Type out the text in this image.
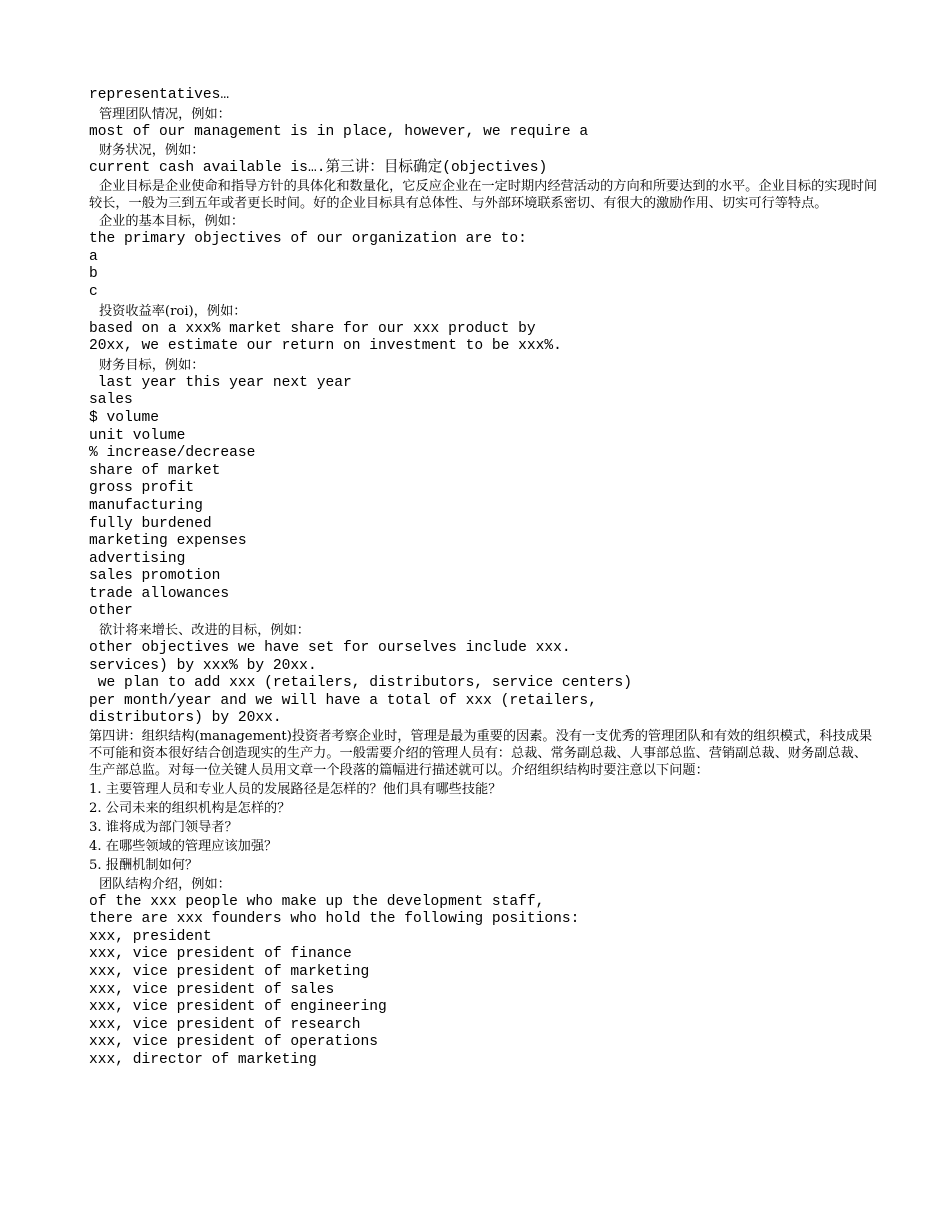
representatives…

管理团队情况，例如：

most of our management is in place, however, we require a

财务状况，例如：

current cash available is….第三讲：目标确定(objectives)

企业目标是企业使命和指导方针的具体化和数量化，它反应企业在一定时期内经营活动的方向和所要达到的水平。企业目标的实现时间较长，一般为三到五年或者更长时间。好的企业目标具有总体性、与外部环境联系密切、有很大的激励作用、切实可行等特点。

企业的基本目标，例如：

the primary objectives of our organization are to:

a

b

c

投资收益率(roi)，例如：

based on a xxx% market share for our xxx product by

20xx, we estimate our return on investment to be xxx%.

财务目标，例如：

last year this year next year

sales

$ volume

unit volume

% increase/decrease

share of market

gross profit

manufacturing

fully burdened

marketing expenses

advertising

sales promotion

trade allowances

other

欲计将来增长、改进的目标，例如：

other objectives we have set for ourselves include xxx.

services) by xxx% by 20xx.

we plan to add xxx (retailers, distributors, service centers)

per month/year and we will have a total of xxx (retailers,

distributors) by 20xx.

第四讲：组织结构(management)投资者考察企业时，管理是最为重要的因素。没有一支优秀的管理团队和有效的组织模式，科技成果不可能和资本很好结合创造现实的生产力。一般需要介绍的管理人员有：总裁、常务副总裁、人事部总监、营销副总裁、财务副总裁、生产部总监。对每一位关键人员用文章一个段落的篇幅进行描述就可以。介绍组织结构时要注意以下问题：

1. 主要管理人员和专业人员的发展路径是怎样的？他们具有哪些技能？

2. 公司未来的组织机构是怎样的？

3. 谁将成为部门领导者？

4. 在哪些领域的管理应该加强？

5. 报酬机制如何？

团队结构介绍，例如：

of the xxx people who make up the development staff,

there are xxx founders who hold the following positions:

xxx, president

xxx, vice president of finance

xxx, vice president of marketing

xxx, vice president of sales

xxx, vice president of engineering

xxx, vice president of research

xxx, vice president of operations

xxx, director of marketing
